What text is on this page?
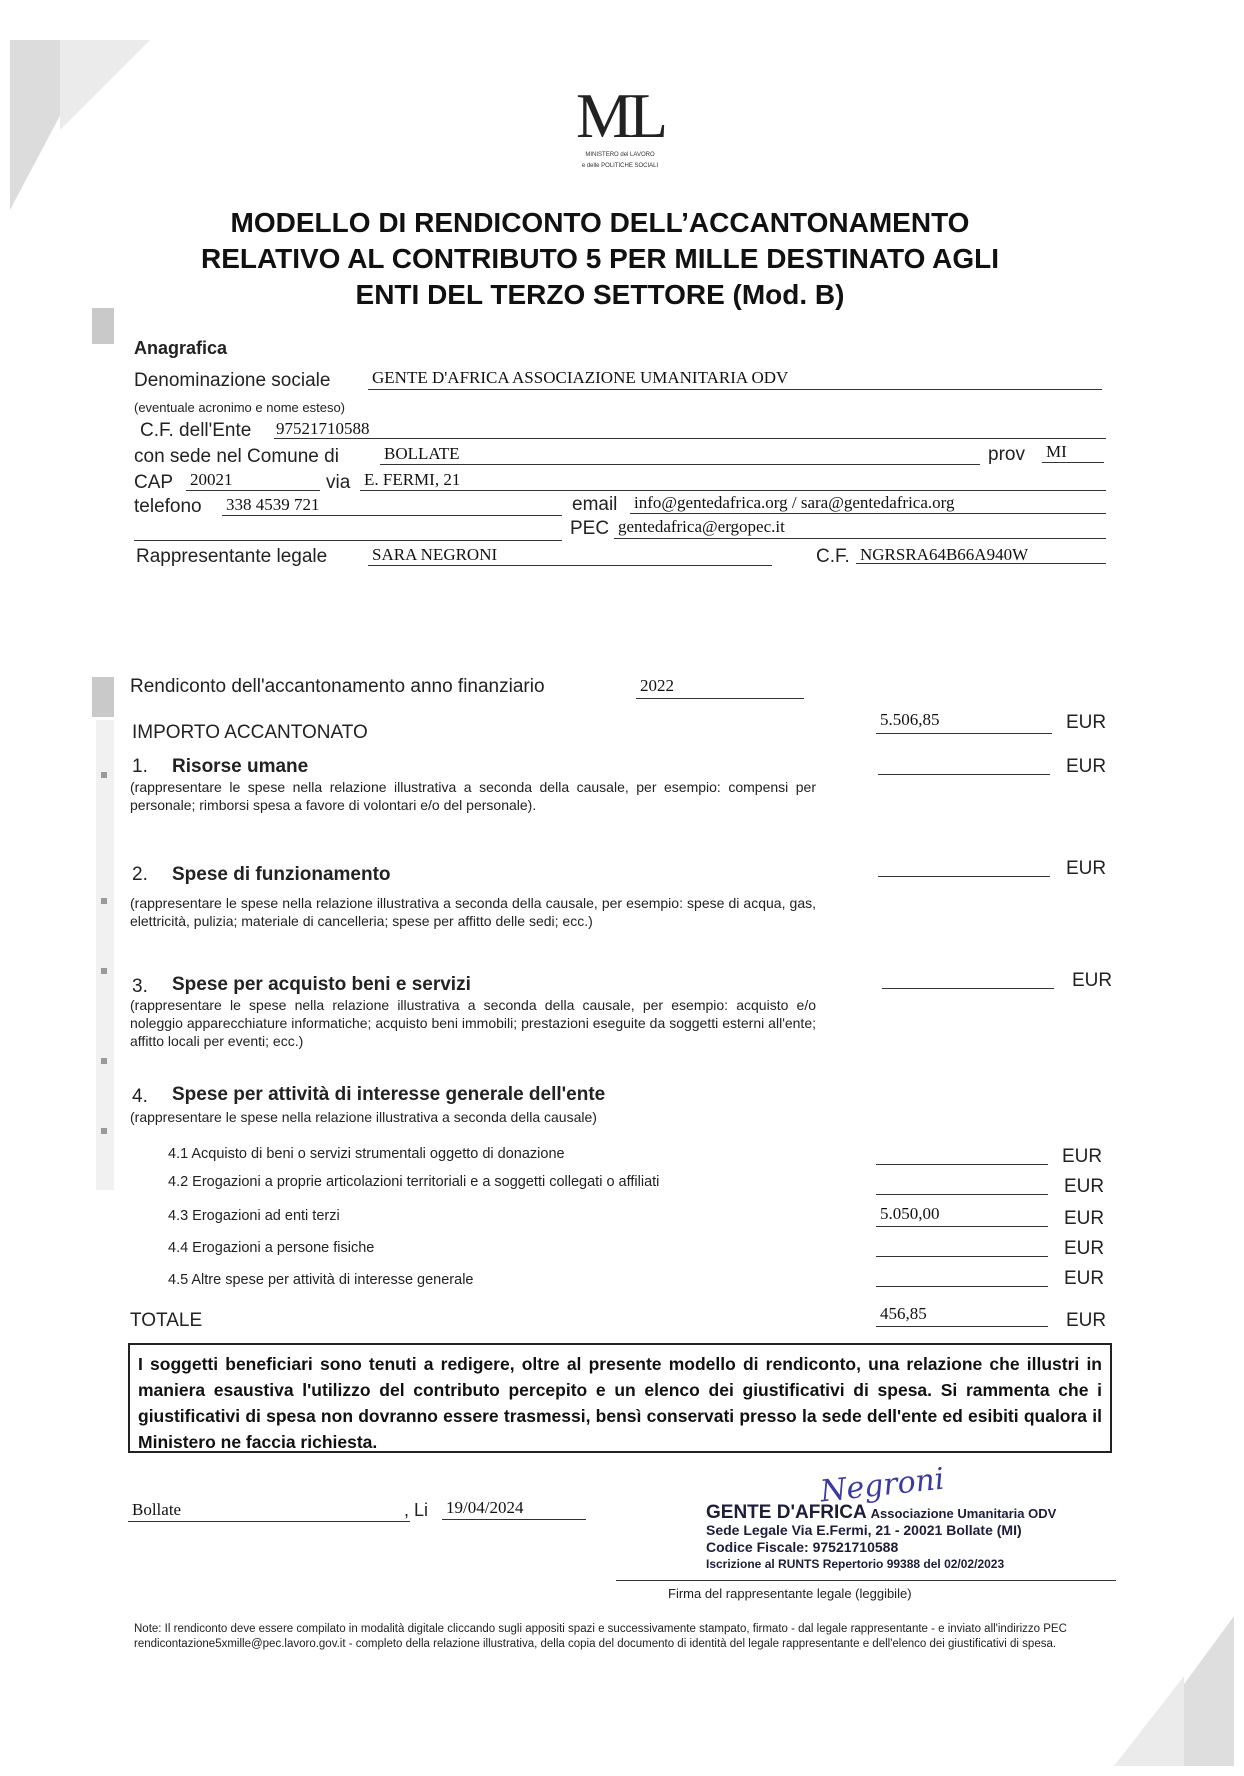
ML
MINISTERO del LAVORO
e delle POLITICHE SOCIALI
MODELLO DI RENDICONTO DELL’ACCANTONAMENTO
RELATIVO AL CONTRIBUTO 5 PER MILLE DESTINATO AGLI
ENTI DEL TERZO SETTORE (Mod. B)
Anagrafica
Denominazione sociale GENTE D'AFRICA ASSOCIAZIONE UMANITARIA ODV
(eventuale acronimo e nome esteso)
C.F. dell'Ente 97521710588
con sede nel Comune di	BOLLATE	prov MI
CAP 20021	via E. FERMI, 21
telefono 338 4539 721	email info@gentedafrica.org / sara@gentedafrica.org
PEC gentedafrica@ergopec.it
Rappresentante legale	SARA NEGRONI	C.F. NGRSRA64B66A940W
Rendiconto dell'accantonamento anno finanziario	2022
IMPORTO ACCANTONATO
5.506,85	EUR
1. Risorse umane
(rappresentare le spese nella relazione illustrativa a seconda della causale, per esempio: compensi per personale; rimborsi spesa a favore di volontari e/o del personale).
EUR
2. Spese di funzionamento
(rappresentare le spese nella relazione illustrativa a seconda della causale, per esempio: spese di acqua, gas, elettricità, pulizia; materiale di cancelleria; spese per affitto delle sedi; ecc.)
EUR
3. Spese per acquisto beni e servizi
(rappresentare le spese nella relazione illustrativa a seconda della causale, per esempio: acquisto e/o noleggio apparecchiature informatiche; acquisto beni immobili; prestazioni eseguite da soggetti esterni all'ente; affitto locali per eventi; ecc.)
EUR
4. Spese per attività di interesse generale dell'ente
(rappresentare le spese nella relazione illustrativa a seconda della causale)
4.1 Acquisto di beni o servizi strumentali oggetto di donazione	EUR
4.2 Erogazioni a proprie articolazioni territoriali e a soggetti collegati o affiliati	EUR
4.3 Erogazioni ad enti terzi	5.050,00	EUR
4.4 Erogazioni a persone fisiche	EUR
4.5 Altre spese per attività di interesse generale	EUR
TOTALE	456,85	EUR
I soggetti beneficiari sono tenuti a redigere, oltre al presente modello di rendiconto, una relazione che illustri in maniera esaustiva l'utilizzo del contributo percepito e un elenco dei giustificativi di spesa. Si rammenta che i giustificativi di spesa non dovranno essere trasmessi, bensì conservati presso la sede dell'ente ed esibiti qualora il Ministero ne faccia richiesta.
Bollate	, Li 19/04/2024	Negroni
GENTE D'AFRICA Associazione Umanitaria ODV
Sede Legale Via E.Fermi, 21 - 20021 Bollate (MI)
Codice Fiscale: 97521710588
Iscrizione al RUNTS Repertorio 99388 del 02/02/2023
Firma del rappresentante legale (leggibile)
Note: Il rendiconto deve essere compilato in modalità digitale cliccando sugli appositi spazi e successivamente stampato, firmato - dal legale rappresentante - e inviato all'indirizzo PEC rendicontazione5xmille@pec.lavoro.gov.it - completo della relazione illustrativa, della copia del documento di identità del legale rappresentante e dell'elenco dei giustificativi di spesa.
